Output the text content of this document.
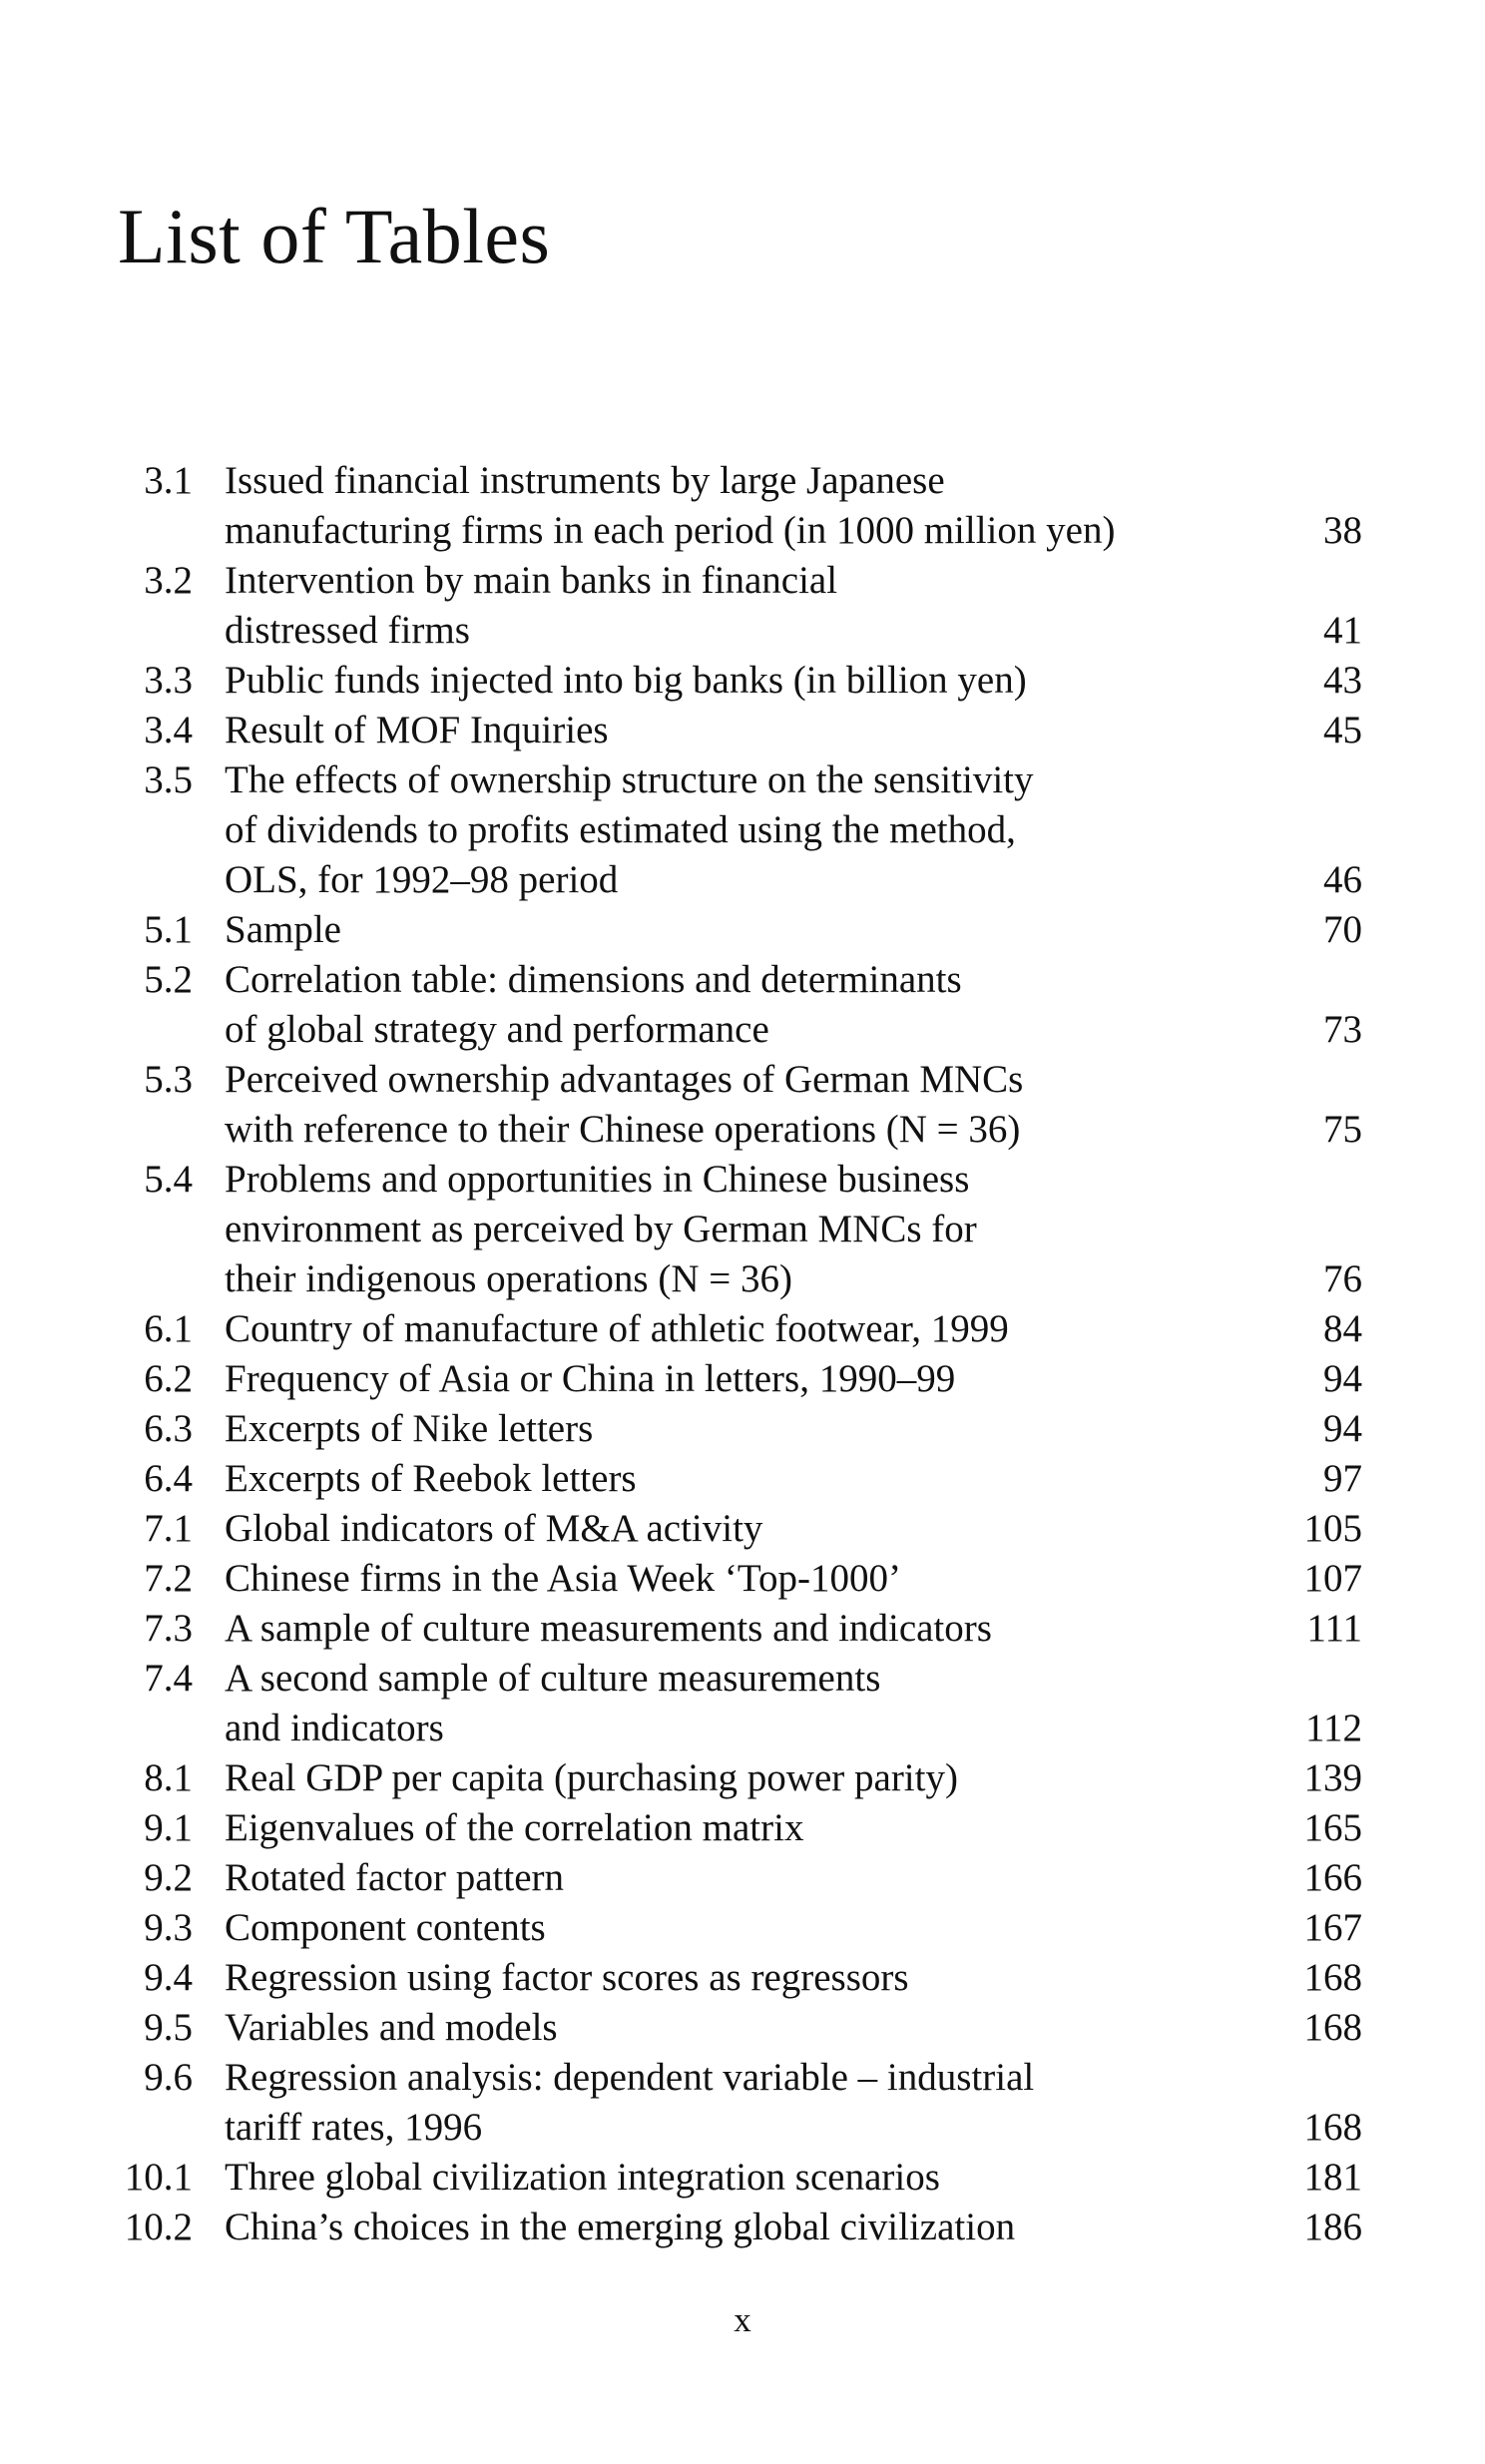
List of Tables
3.1 Issued financial instruments by large Japanese
manufacturing firms in each period (in 1000 million yen)	38
3.2 Intervention by main banks in financial
distressed firms	41
3.3 Public funds injected into big banks (in billion yen)	43
3.4 Result of MOF Inquiries	45
3.5 The effects of ownership structure on the sensitivity
of dividends to profits estimated using the method,
OLS, for 1992–98 period	46
5.1 Sample	70
5.2 Correlation table: dimensions and determinants
of global strategy and performance	73
5.3 Perceived ownership advantages of German MNCs
with reference to their Chinese operations (N = 36)	75
5.4 Problems and opportunities in Chinese business
environment as perceived by German MNCs for
their indigenous operations (N = 36)	76
6.1 Country of manufacture of athletic footwear, 1999	84
6.2 Frequency of Asia or China in letters, 1990–99	94
6.3 Excerpts of Nike letters	94
6.4 Excerpts of Reebok letters	97
7.1 Global indicators of M&A activity	105
7.2 Chinese firms in the Asia Week ‘Top-1000’	107
7.3 A sample of culture measurements and indicators	111
7.4 A second sample of culture measurements
and indicators	112
8.1 Real GDP per capita (purchasing power parity)	139
9.1 Eigenvalues of the correlation matrix	165
9.2 Rotated factor pattern	166
9.3 Component contents	167
9.4 Regression using factor scores as regressors	168
9.5 Variables and models	168
9.6 Regression analysis: dependent variable – industrial
tariff rates, 1996	168
10.1 Three global civilization integration scenarios	181
10.2 China’s choices in the emerging global civilization	186
x
